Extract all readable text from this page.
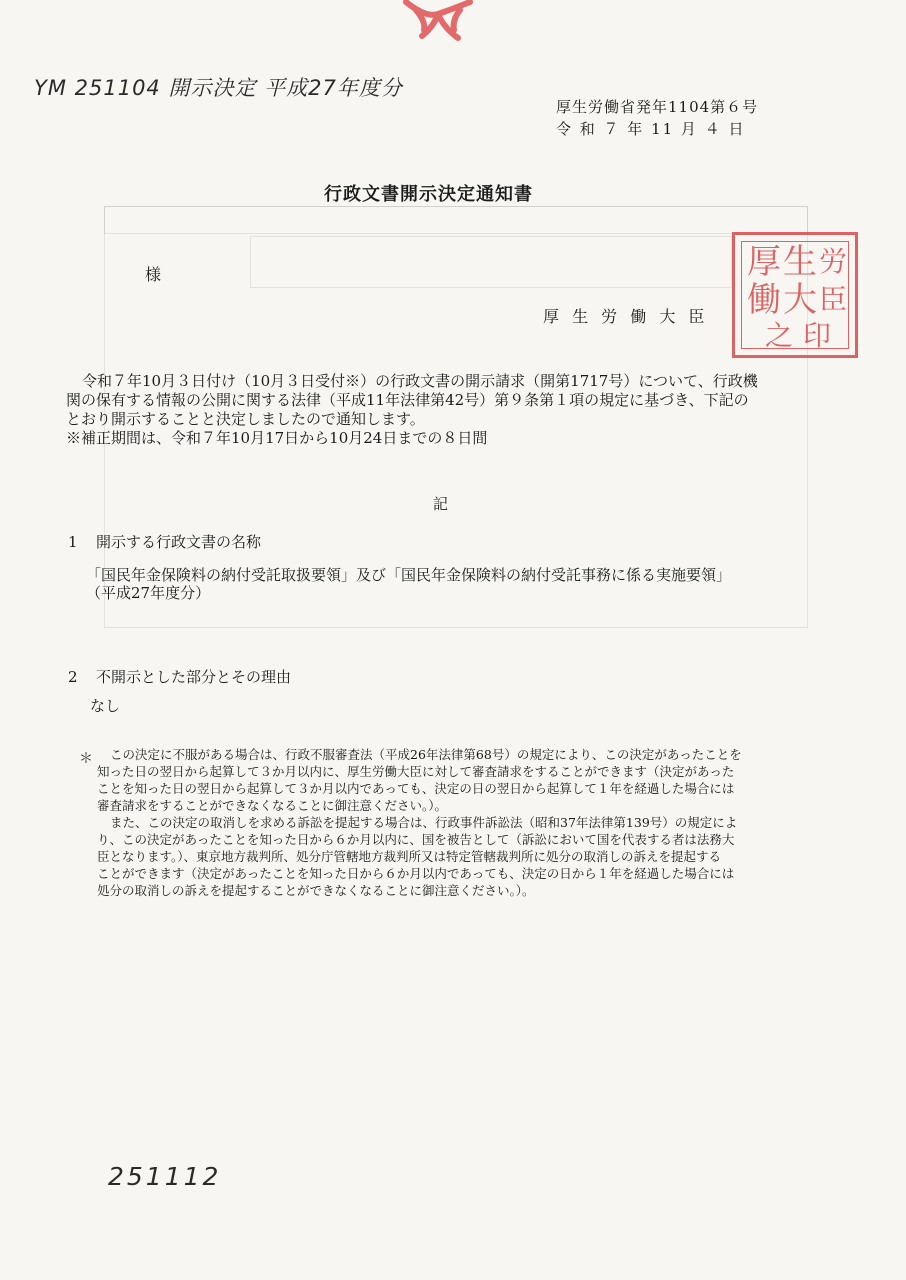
YM 251104 開示決定 平成27年度分
厚生労働省発年1104第６号
令 和 ７ 年 11 月 ４ 日
行政文書開示決定通知書
様
厚 生 労 働 大 臣
厚 生 労
働 大 臣
之 印
令和７年10月３日付け（10月３日受付※）の行政文書の開示請求（開第1717号）について、行政機
関の保有する情報の公開に関する法律（平成11年法律第42号）第９条第１項の規定に基づき、下記の
とおり開示することと決定しましたので通知します。
※補正期間は、令和７年10月17日から10月24日までの８日間
記
1 開示する行政文書の名称
「国民年金保険料の納付受託取扱要領」及び「国民年金保険料の納付受託事務に係る実施要領」
（平成27年度分）
2 不開示とした部分とその理由
なし
＊ この決定に不服がある場合は、行政不服審査法（平成26年法律第68号）の規定により、この決定があったことを
知った日の翌日から起算して３か月以内に、厚生労働大臣に対して審査請求をすることができます（決定があった
ことを知った日の翌日から起算して３か月以内であっても、決定の日の翌日から起算して１年を経過した場合には
審査請求をすることができなくなることに御注意ください。）。
また、この決定の取消しを求める訴訟を提起する場合は、行政事件訴訟法（昭和37年法律第139号）の規定によ
り、この決定があったことを知った日から６か月以内に、国を被告として（訴訟において国を代表する者は法務大
臣となります。）、東京地方裁判所、処分庁管轄地方裁判所又は特定管轄裁判所に処分の取消しの訴えを提起する
ことができます（決定があったことを知った日から６か月以内であっても、決定の日から１年を経過した場合には
処分の取消しの訴えを提起することができなくなることに御注意ください。）。
251112
